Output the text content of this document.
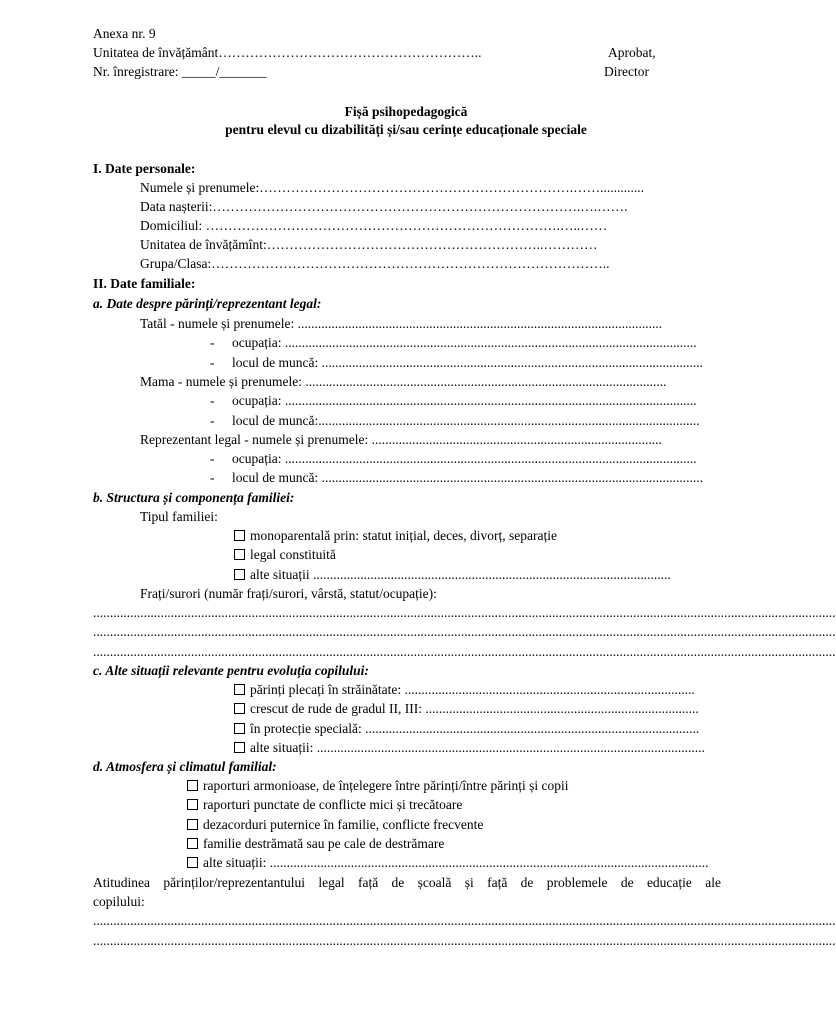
Anexa nr. 9
Unitatea de învățământ…………………………………………………..
Nr. înregistrare: _____/_______
Aprobat,
Director
Fișă psihopedagogică
pentru elevul cu dizabilități și/sau cerințe educaționale speciale
I. Date personale:
Numele și prenumele:…………………………………………………………….…….............
Data nașterii:……………………………………………………………………….….…….
Domiciliul: …………………………………………………………………….…..……
Unitatea de învățămînt:……………………………………………………..…………
Grupa/Clasa:……………………………………………………………………………..
II. Date familiale:
a. Date despre părinți/reprezentant legal:
Tatăl - numele și prenumele: ............................................................................................................
- ocupația: ..........................................................................................................................
- locul de muncă: .................................................................................................................
Mama - numele și prenumele: ...........................................................................................................
- ocupația: ..........................................................................................................................
- locul de muncă:.................................................................................................................
Reprezentant legal - numele și prenumele: ......................................................................................
- ocupația: ..........................................................................................................................
- locul de muncă: .................................................................................................................
b. Structura și componența familiei:
Tipul familiei:
monoparentală prin: statut inițial, deces, divorț, separație
legal constituită
alte situații ..........................................................................................................
Frați/surori (număr frați/surori, vârstă, statut/ocupație):
............................................................................................................................................................................................................................
............................................................................................................................................................................................................................
............................................................................................................................................................................................................................
c. Alte situații relevante pentru evoluția copilului:
părinți plecați în străinătate: ......................................................................................
crescut de rude de gradul II, III: .................................................................................
în protecție specială: ...................................................................................................
alte situații: ...................................................................................................................
d. Atmosfera și climatul familial:
raporturi armonioase, de înțelegere între părinți/între părinți și copii
raporturi punctate de conflicte mici și trecătoare
dezacorduri puternice în familie, conflicte frecvente
familie destrămată sau pe cale de destrămare
alte situații: ..................................................................................................................................
Atitudinea părinților/reprezentantului legal față de școală și față de problemele de educație ale
copilului:
............................................................................................................................................................................................................................
............................................................................................................................................................................................................................
